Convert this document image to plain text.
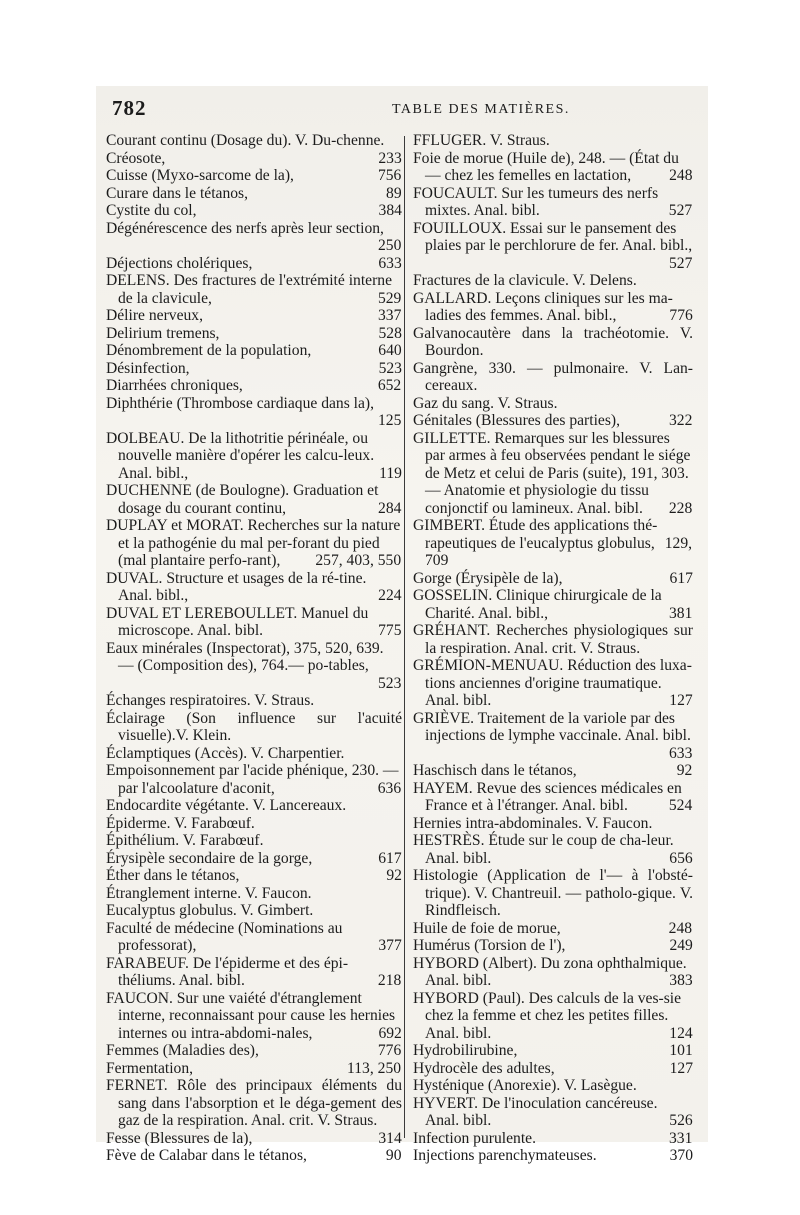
782	TABLE DES MATIÈRES.
Courant continu (Dosage du). V. Du-chenne.
Créosote,	233
Cuisse (Myxo-sarcome de la),	756
Curare dans le tétanos,	89
Cystite du col,	384
Dégénérescence des nerfs après leur section,250
Déjections cholériques,	633
DELENS. Des fractures de l'extrémité interne de la clavicule,	529
Délire nerveux,	337
Delirium tremens,	528
Dénombrement de la population,	640
Désinfection,	523
Diarrhées chroniques,	652
Diphthérie (Thrombose cardiaque dans la),125
DOLBEAU. De la lithotritie périnéale, ou nouvelle manière d'opérer les calcu-leux. Anal. bibl.,	119
DUCHENNE (de Boulogne). Graduation et dosage du courant continu,	284
DUPLAY et MORAT. Recherches sur la nature et la pathogénie du mal per-forant du pied (mal plantaire perfo-rant), 257, 403, 550
DUVAL. Structure et usages de la ré-tine. Anal. bibl.,	224
DUVAL ET LEREBOULLET. Manuel du microscope. Anal. bibl.	775
Eaux minérales (Inspectorat), 375, 520, 639. — (Composition des), 764.— po-tables,523
Échanges respiratoires. V. Straus.
Éclairage (Son influence sur l'acuité visuelle).V. Klein.
Éclamptiques (Accès). V. Charpentier.
Empoisonnement par l'acide phénique, 230. — par l'alcoolature d'aconit,	636
Endocardite végétante. V. Lancereaux.
Épiderme. V. Farabœuf.
Épithélium. V. Farabœuf.
Érysipèle secondaire de la gorge,	617
Éther dans le tétanos,	92
Étranglement interne. V. Faucon.
Eucalyptus globulus. V. Gimbert.
Faculté de médecine (Nominations au professorat),	377
FARABEUF. De l'épiderme et des épi-théliums. Anal. bibl.	218
FAUCON. Sur une vaiété d'étranglement interne, reconnaissant pour cause les hernies internes ou intra-abdomi-nales,	692
Femmes (Maladies des),	776
Fermentation,	113, 250
FERNET. Rôle des principaux éléments du sang dans l'absorption et le déga-gement des gaz de la respiration. Anal. crit. V. Straus.
Fesse (Blessures de la),	314
Fève de Calabar dans le tétanos,	90
FFLUGER. V. Straus.
Foie de morue (Huile de), 248. — (État du — chez les femelles en lactation, 248
FOUCAULT. Sur les tumeurs des nerfs mixtes. Anal. bibl.	527
FOUILLOUX. Essai sur le pansement des plaies par le perchlorure de fer. Anal. bibl.,527
Fractures de la clavicule. V. Delens.
GALLARD. Leçons cliniques sur les ma-ladies des femmes. Anal. bibl.,	776
Galvanocautère dans la trachéotomie. V. Bourdon.
Gangrène, 330. — pulmonaire. V. Lan-cereaux.
Gaz du sang. V. Straus.
Génitales (Blessures des parties),	322
GILLETTE. Remarques sur les blessures par armes à feu observées pendant le siége de Metz et celui de Paris (suite), 191, 303. — Anatomie et physiologie du tissu conjonctif ou lamineux. Anal. bibl. 228
GIMBERT. Étude des applications thé-rapeutiques de l'eucalyptus globulus, 129, 709
Gorge (Érysipèle de la),	617
GOSSELIN. Clinique chirurgicale de la Charité. Anal. bibl.,	381
GRÉHANT. Recherches physiologiques sur la respiration. Anal. crit. V. Straus.
GRÉMION-MENUAU. Réduction des luxa-tions anciennes d'origine traumatique. Anal. bibl.	127
GRIÈVE. Traitement de la variole par des injections de lymphe vaccinale. Anal. bibl.633
Haschisch dans le tétanos,	92
HAYEM. Revue des sciences médicales en France et à l'étranger. Anal. bibl.	524
Hernies intra-abdominales. V. Faucon.
HESTRÈS. Étude sur le coup de cha-leur. Anal. bibl.	656
Histologie (Application de l'— à l'obsté-trique). V. Chantreuil. — patholo-gique. V. Rindfleisch.
Huile de foie de morue,	248
Humérus (Torsion de l'),	249
HYBORD (Albert). Du zona ophthalmique. Anal. bibl.	383
HYBORD (Paul). Des calculs de la ves-sie chez la femme et chez les petites filles. Anal. bibl.	124
Hydrobilirubine,	101
Hydrocèle des adultes,	127
Hysténique (Anorexie). V. Lasègue.
HYVERT. De l'inoculation cancéreuse. Anal. bibl.	526
Infection purulente.	331
Injections parenchymateuses.	370
